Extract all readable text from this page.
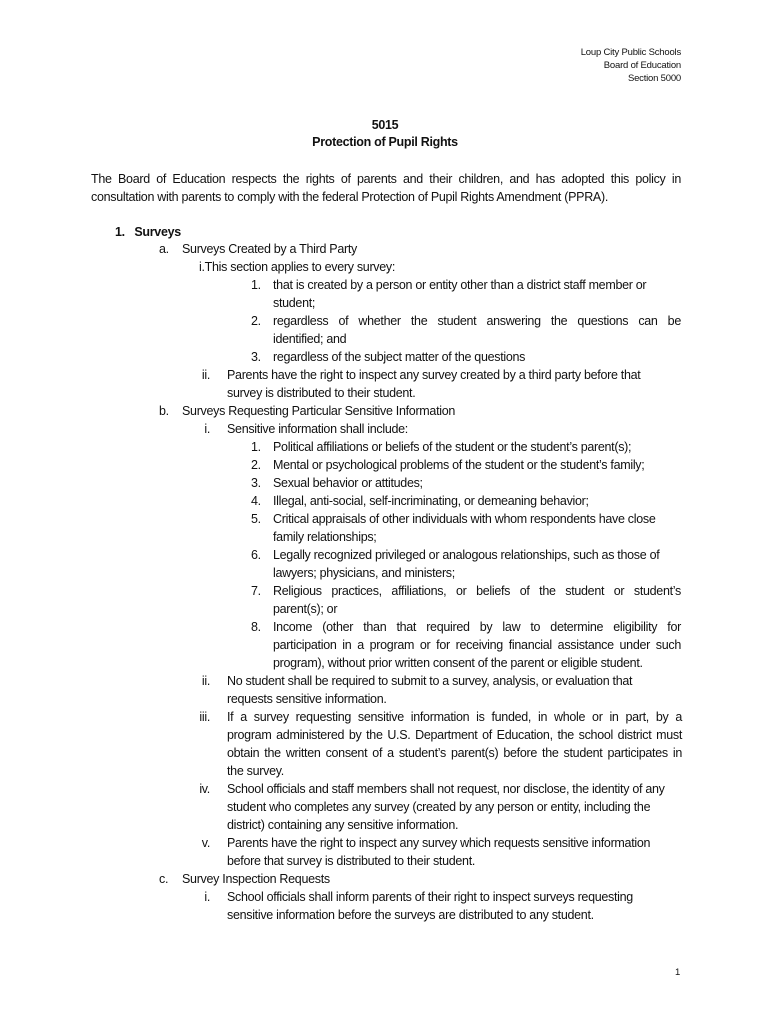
Loup City Public Schools
Board of Education
Section 5000
5015
Protection of Pupil Rights
The Board of Education respects the rights of parents and their children, and has adopted this policy in
consultation with parents to comply with the federal Protection of Pupil Rights Amendment (PPRA).
1. Surveys
a. Surveys Created by a Third Party
i.This section applies to every survey:
1. that is created by a person or entity other than a district staff member or
student;
2. regardless of whether the student answering the questions can be
identified; and
3. regardless of the subject matter of the questions
ii. Parents have the right to inspect any survey created by a third party before that
survey is distributed to their student.
b. Surveys Requesting Particular Sensitive Information
i. Sensitive information shall include:
1. Political affiliations or beliefs of the student or the student’s parent(s);
2. Mental or psychological problems of the student or the student’s family;
3. Sexual behavior or attitudes;
4. Illegal, anti-social, self-incriminating, or demeaning behavior;
5. Critical appraisals of other individuals with whom respondents have close
family relationships;
6. Legally recognized privileged or analogous relationships, such as those of
lawyers; physicians, and ministers;
7. Religious practices, affiliations, or beliefs of the student or student’s
parent(s); or
8. Income (other than that required by law to determine eligibility for
participation in a program or for receiving financial assistance under such
program), without prior written consent of the parent or eligible student.
ii. No student shall be required to submit to a survey, analysis, or evaluation that
requests sensitive information.
iii. If a survey requesting sensitive information is funded, in whole or in part, by a
program administered by the U.S. Department of Education, the school district must
obtain the written consent of a student’s parent(s) before the student participates in
the survey.
iv. School officials and staff members shall not request, nor disclose, the identity of any
student who completes any survey (created by any person or entity, including the
district) containing any sensitive information.
v. Parents have the right to inspect any survey which requests sensitive information
before that survey is distributed to their student.
c. Survey Inspection Requests
i. School officials shall inform parents of their right to inspect surveys requesting
sensitive information before the surveys are distributed to any student.
1
